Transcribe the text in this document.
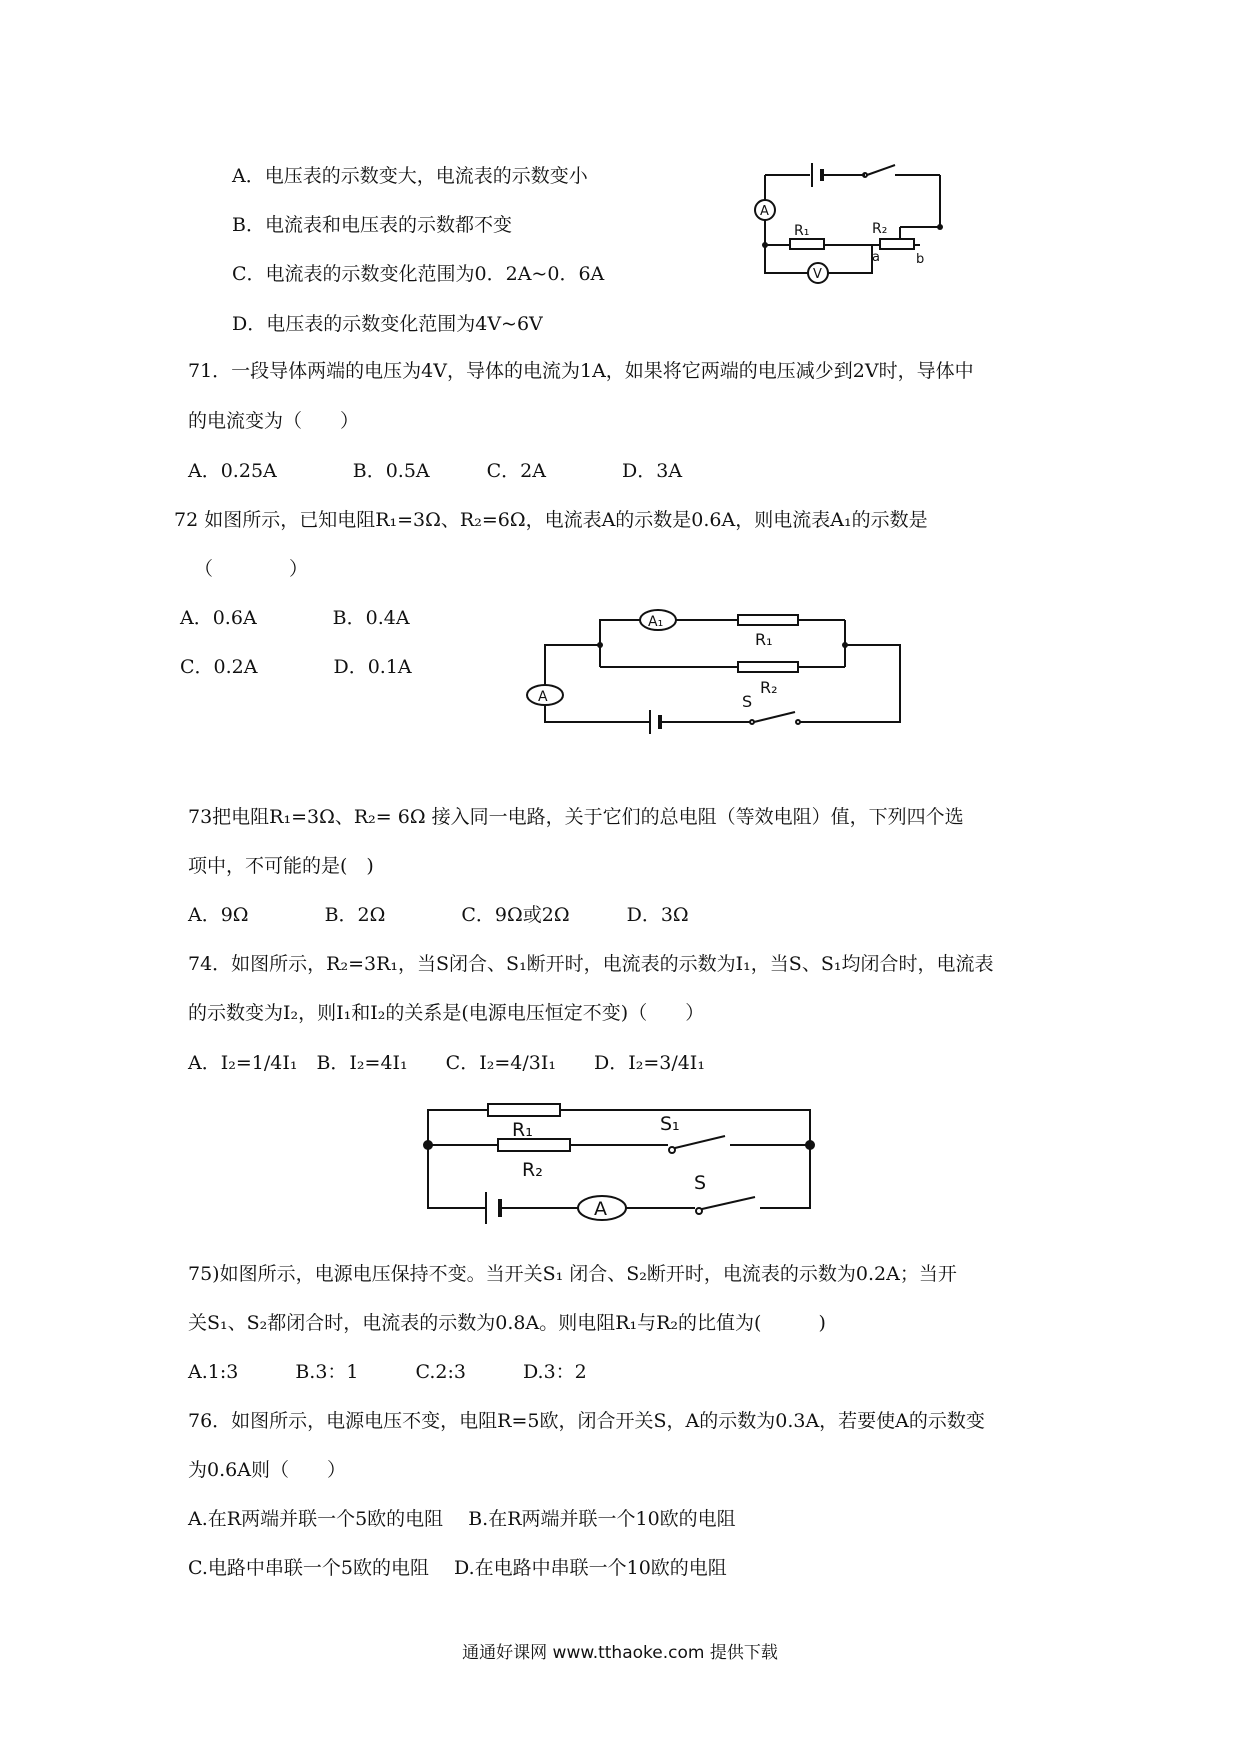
A．电压表的示数变大，电流表的示数变小
B．电流表和电压表的示数都不变
C．电流表的示数变化范围为0．2A~0．6A
D．电压表的示数变化范围为4V~6V
A
R₁	R₂
a	b
V
71．一段导体两端的电压为4V，导体的电流为1A，如果将它两端的电压减少到2V时，导体中
的电流变为（　　）
A．0.25A　　　　B．0.5A　　　C．2A　　　　D．3A
72 如图所示，已知电阻R₁=3Ω、R₂=6Ω，电流表A的示数是0.6A，则电流表A₁的示数是
（　　　　）
A．0.6A　　　　B．0.4A
C．0.2A　　　　D．0.1A
A₁
R₁
R₂
A	S
73把电阻R₁=3Ω、R₂= 6Ω 接入同一电路，关于它们的总电阻（等效电阻）值，下列四个选
项中，不可能的是(　)
A．9Ω　　　　B．2Ω　　　　C．9Ω或2Ω　　　D．3Ω
74．如图所示，R₂=3R₁，当S闭合、S₁断开时，电流表的示数为I₁，当S、S₁均闭合时，电流表
的示数变为I₂，则I₁和I₂的关系是(电源电压恒定不变)（　　）
A．I₂=1/4I₁　B．I₂=4I₁　　C．I₂=4/3I₁　　D．I₂=3/4I₁
R₁
R₂
S₁
A
S
75)如图所示，电源电压保持不变。当开关S₁ 闭合、S₂断开时，电流表的示数为0.2A；当开
关S₁、S₂都闭合时，电流表的示数为0.8A。则电阻R₁与R₂的比值为(　　　)
A.1:3　　　B.3：1　　　C.2:3　　　D.3：2
76．如图所示，电源电压不变，电阻R=5欧，闭合开关S，A的示数为0.3A，若要使A的示数变
为0.6A则（　　）
A.在R两端并联一个5欧的电阻　 B.在R两端并联一个10欧的电阻
C.电路中串联一个5欧的电阻　 D.在电路中串联一个10欧的电阻
通通好课网 www.tthaoke.com 提供下载
